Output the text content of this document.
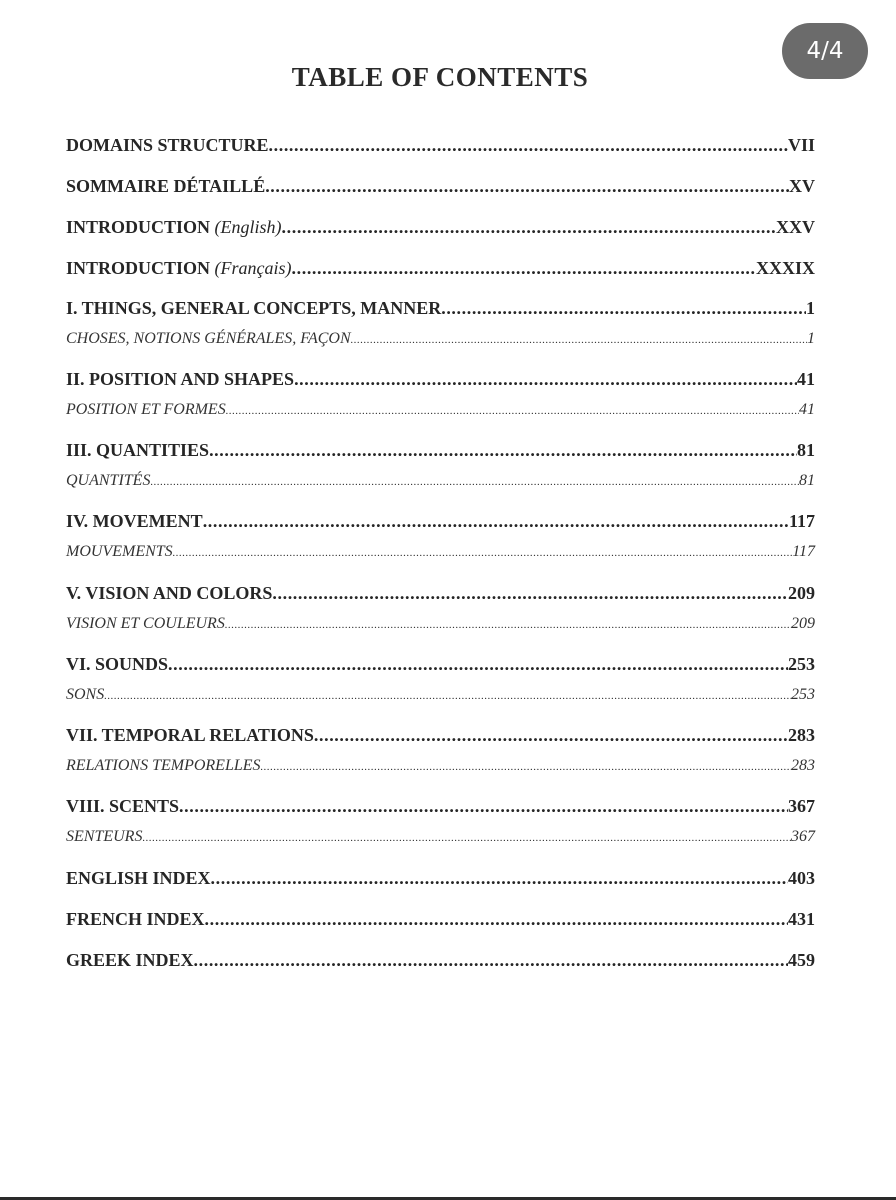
4/4
TABLE OF CONTENTS
DOMAINS STRUCTURE .....	VII
SOMMAIRE DÉTAILLÉ .....	XV
INTRODUCTION (English) .....	XXV
INTRODUCTION (Français) .....	XXXIX
I. THINGS, GENERAL CONCEPTS, MANNER .....	1
CHOSES, NOTIONS GÉNÉRALES, FAÇON .....	1
II. POSITION AND SHAPES .....	41
POSITION ET FORMES .....	41
III. QUANTITIES .....	81
QUANTITÉS .....	81
IV. MOVEMENT .....	117
MOUVEMENTS .....	117
V. VISION AND COLORS .....	209
VISION ET COULEURS .....	209
VI. SOUNDS .....	253
SONS .....	253
VII. TEMPORAL RELATIONS .....	283
RELATIONS TEMPORELLES .....	283
VIII. SCENTS .....	367
SENTEURS .....	367
ENGLISH INDEX .....	403
FRENCH INDEX .....	431
GREEK INDEX .....	459
